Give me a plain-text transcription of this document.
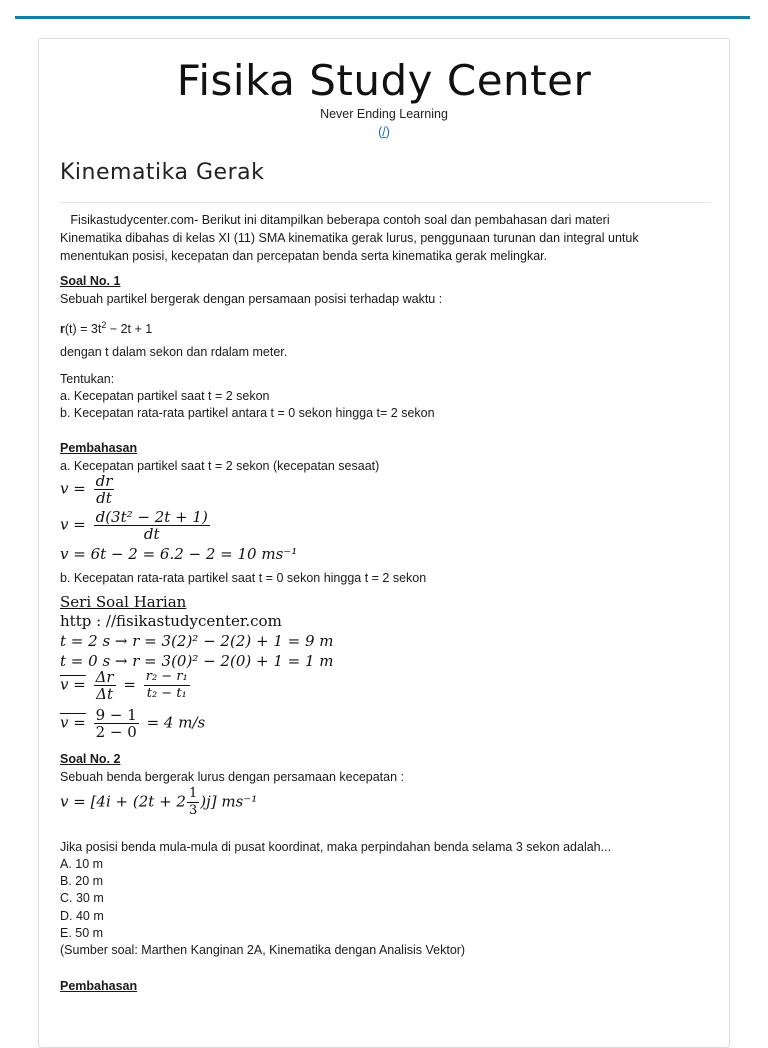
Fisika Study Center
Never Ending Learning
(/)
Kinematika Gerak
Fisikastudycenter.com- Berikut ini ditampilkan beberapa contoh soal dan pembahasan dari materi
Kinematika dibahas di kelas XI (11) SMA kinematika gerak lurus, penggunaan turunan dan integral untuk
menentukan posisi, kecepatan dan percepatan benda serta kinematika gerak melingkar.
Soal No. 1
Sebuah partikel bergerak dengan persamaan posisi terhadap waktu :
$r(t) = 3t^2 - 2t + 1$
dengan t dalam sekon dan rdalam meter.
Tentukan:
a. Kecepatan partikel saat t = 2 sekon
b. Kecepatan rata-rata partikel antara t = 0 sekon hingga t= 2 sekon
Pembahasan
a. Kecepatan partikel saat t = 2 sekon (kecepatan sesaat)
$v = \frac{dr}{dt}$
$v = \frac{\text{d(3t² − 2t + 1)}}{dt}$
v = 6t − 2 = 6.2 − 2 = 10 ms⁻¹
b. Kecepatan rata-rata partikel saat t = 0 sekon hingga t = 2 sekon
Seri Soal Harian
http : //fisikastudycenter.com
t = 2 s → r = 3(2)² − 2(2) + 1 = 9 m
t = 0 s → r = 3(0)² − 2(0) + 1 = 1 m
$v = \frac{\Delta r}{\Delta t} = \frac{\text{r₂ − r₁}}{\text{t₂ − t₁}}$
$v = \frac{9 - 1}{2 - 0} = 4$ m/s
Soal No. 2
Sebuah benda bergerak lurus dengan persamaan kecepatan :
$v = [4i + (2t + 2 \frac{1}{3} )j]$ ms⁻¹
Jika posisi benda mula-mula di pusat koordinat, maka perpindahan benda selama 3 sekon adalah...
A. 10 m
B. 20 m
C. 30 m
D. 40 m
E. 50 m
(Sumber soal: Marthen Kanginan 2A, Kinematika dengan Analisis Vektor)
Pembahasan
